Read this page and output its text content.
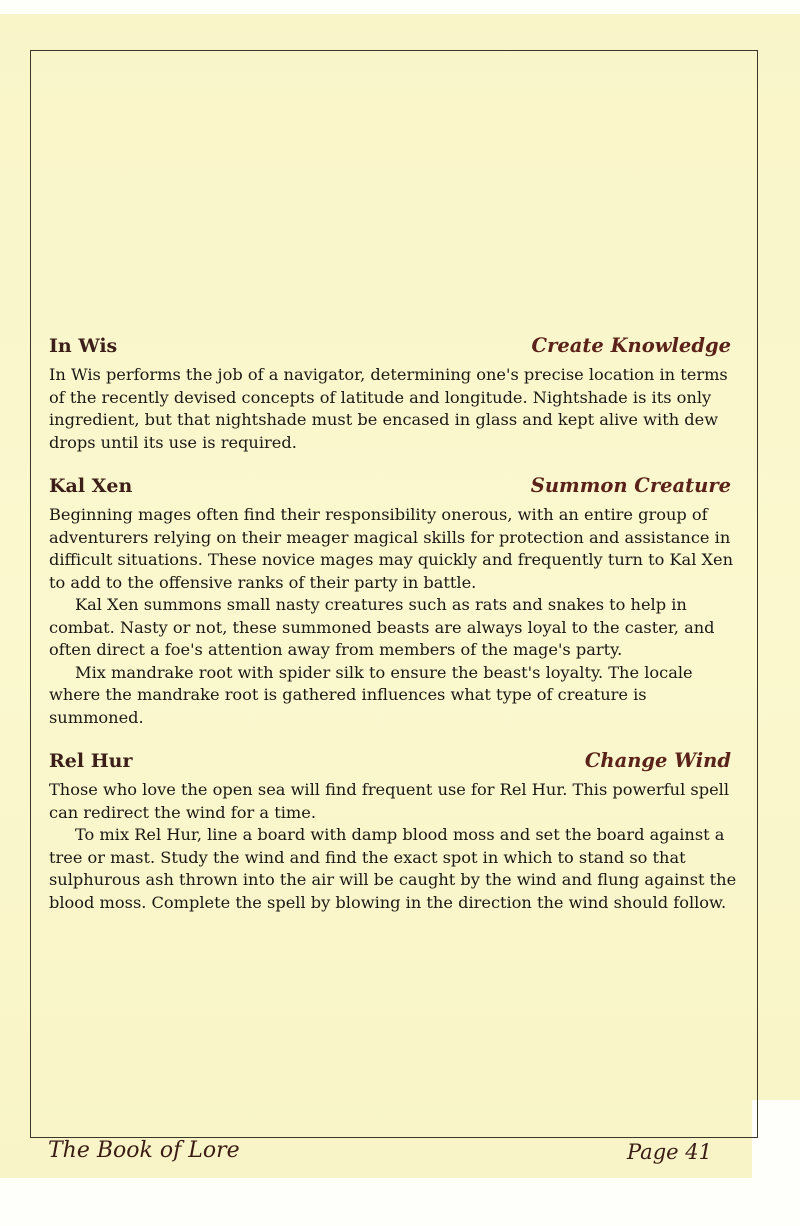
In Wis	Create Knowledge

In Wis performs the job of a navigator, determining one's precise location in terms of the recently devised concepts of latitude and longitude. Nightshade is its only ingredient, but that nightshade must be encased in glass and kept alive with dew drops until its use is required.

Kal Xen	Summon Creature

Beginning mages often find their responsibility onerous, with an entire group of adventurers relying on their meager magical skills for protection and assistance in difficult situations. These novice mages may quickly and frequently turn to Kal Xen to add to the offensive ranks of their party in battle.

Kal Xen summons small nasty creatures such as rats and snakes to help in combat. Nasty or not, these summoned beasts are always loyal to the caster, and often direct a foe's attention away from members of the mage's party.

Mix mandrake root with spider silk to ensure the beast's loyalty. The locale where the mandrake root is gathered influences what type of creature is summoned.

Rel Hur	Change Wind

Those who love the open sea will find frequent use for Rel Hur. This powerful spell can redirect the wind for a time.

To mix Rel Hur, line a board with damp blood moss and set the board against a tree or mast. Study the wind and find the exact spot in which to stand so that sulphurous ash thrown into the air will be caught by the wind and flung against the blood moss. Complete the spell by blowing in the direction the wind should follow.

The Book of Lore	Page 41
